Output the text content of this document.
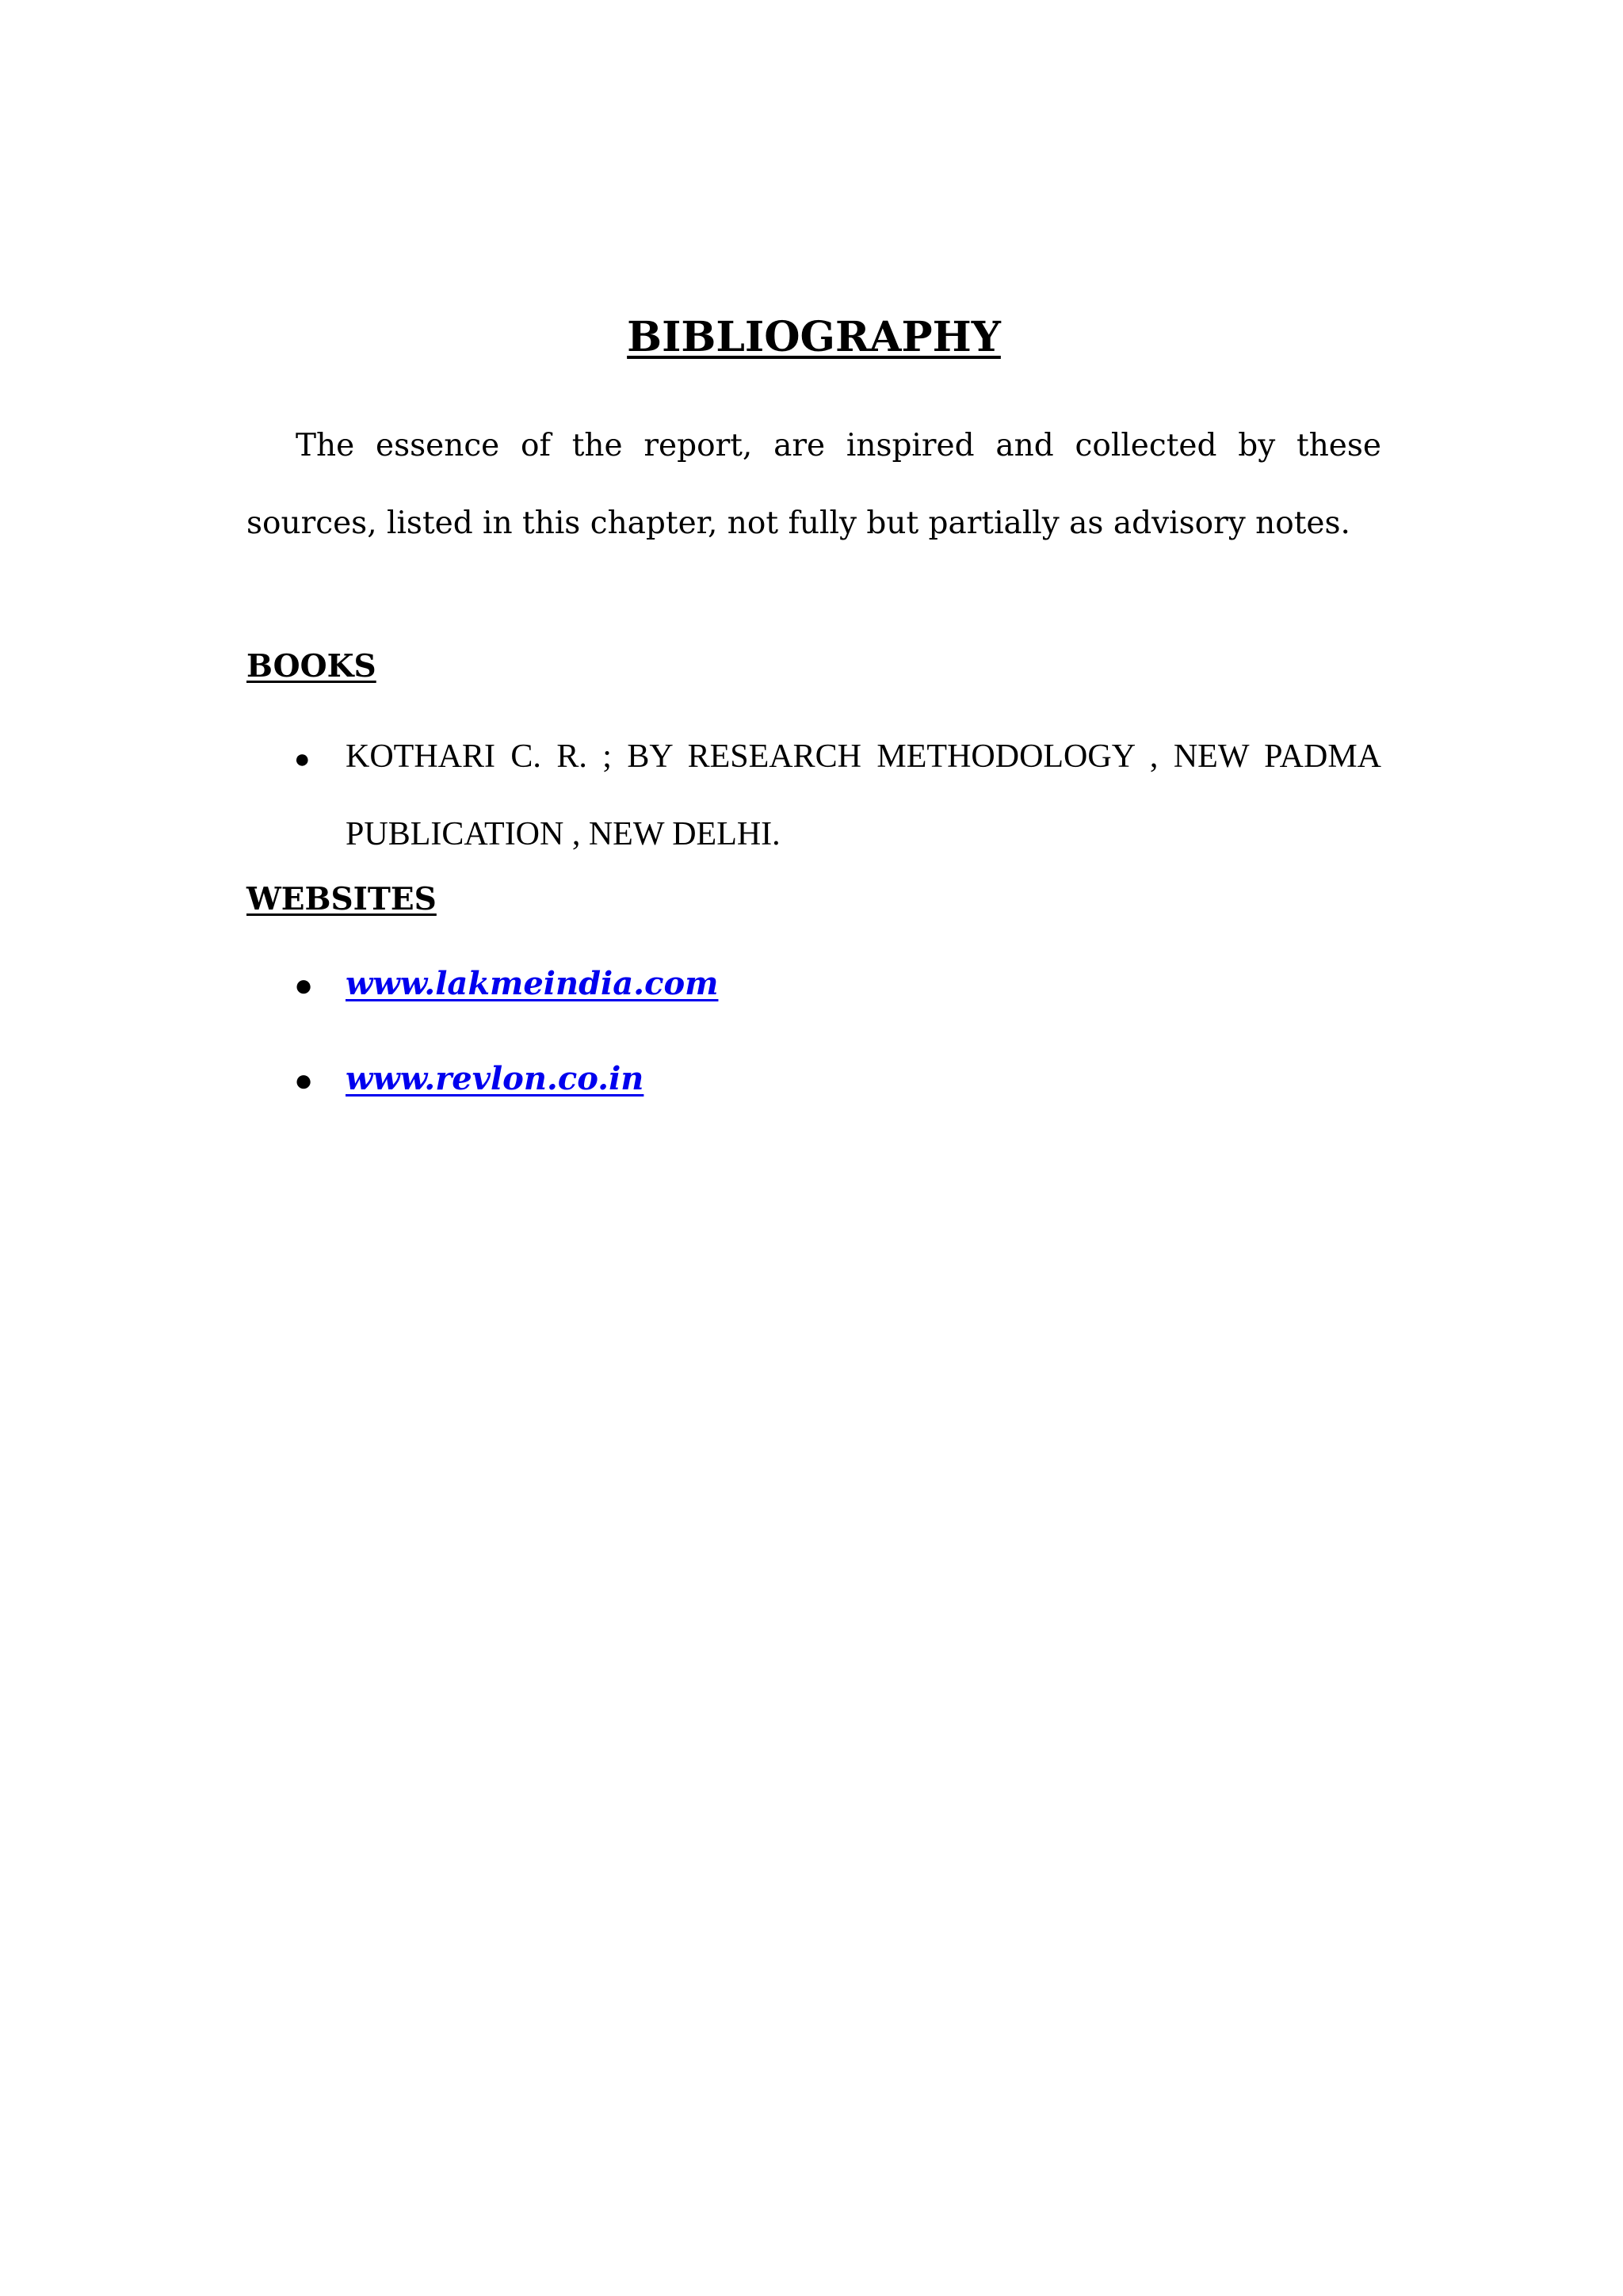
BIBLIOGRAPHY

The essence of the report, are inspired and collected by these sources, listed in this chapter, not fully but partially as advisory notes.

BOOKS
● KOTHARI C. R. ; BY RESEARCH METHODOLOGY , NEW PADMA PUBLICATION , NEW DELHI.

WEBSITES
● www.lakmeindia.com
● www.revlon.co.in
